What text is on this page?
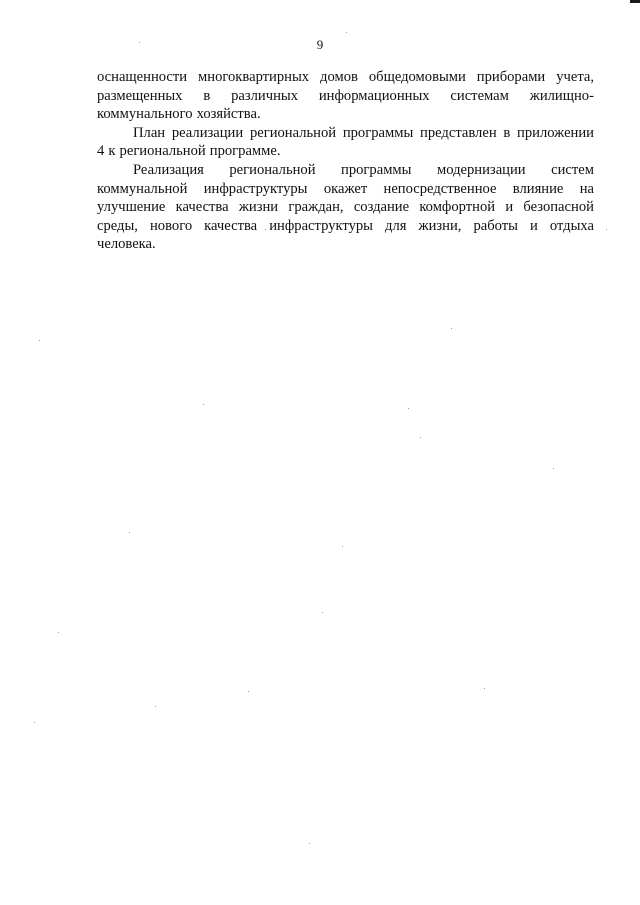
9
оснащенности многоквартирных домов общедомовыми приборами учета,
размещенных в различных информационных системам жилищно-
коммунального хозяйства.
План реализации региональной программы представлен в приложении
4 к региональной программе.
Реализация региональной программы модернизации систем
коммунальной инфраструктуры окажет непосредственное влияние на
улучшение качества жизни граждан, создание комфортной и безопасной
среды, нового качества инфраструктуры для жизни, работы и отдыха
человека.
